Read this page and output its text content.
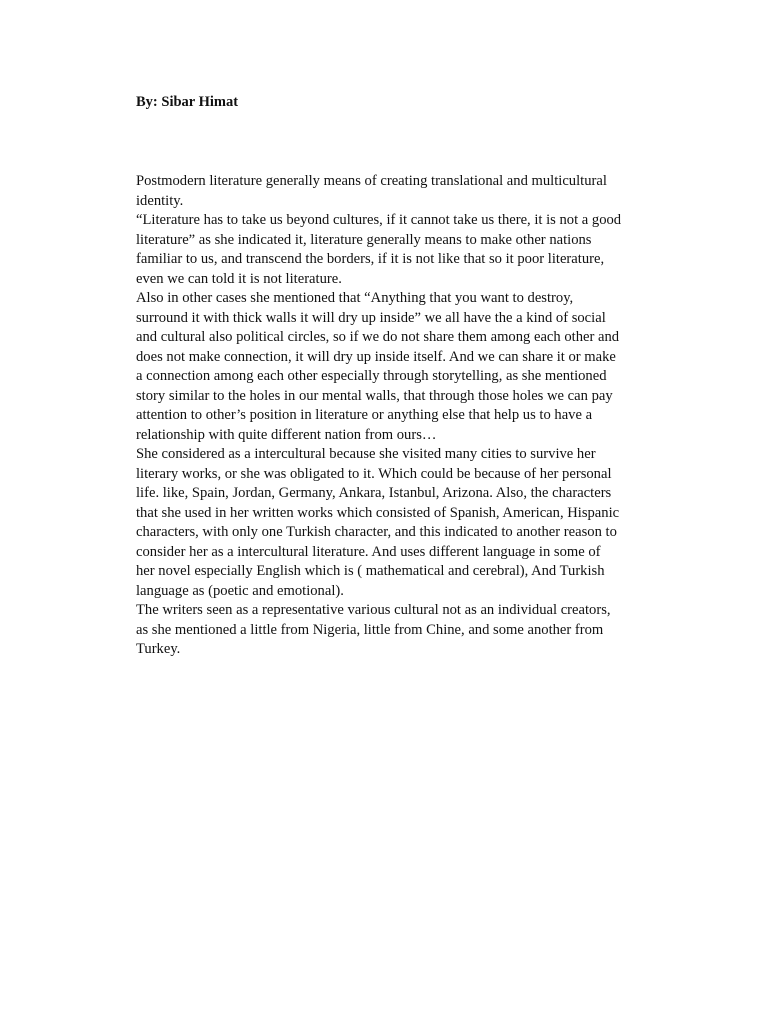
By: Sibar Himat

Postmodern literature generally means of creating translational and multicultural
identity.
“Literature has to take us beyond cultures, if it cannot take us there, it is not a good
literature” as she indicated it, literature generally means to make other nations
familiar to us, and transcend the borders, if it is not like that so it poor literature,
even we can told it is not literature.
Also in other cases she mentioned that “Anything that you want to destroy,
surround it with thick walls it will dry up inside” we all have the a kind of social
and cultural also political circles, so if we do not share them among each other and
does not make connection, it will dry up inside itself. And we can share it or make
a connection among each other especially through storytelling, as she mentioned
story similar to the holes in our mental walls, that through those holes we can pay
attention to other’s position in literature or anything else that help us to have a
relationship with quite different nation from ours…
She considered as a intercultural because she visited many cities to survive her
literary works, or she was obligated to it. Which could be because of her personal
life. like, Spain, Jordan, Germany, Ankara, Istanbul, Arizona. Also, the characters
that she used in her written works which consisted of Spanish, American, Hispanic
characters, with only one Turkish character, and this indicated to another reason to
consider her as a intercultural literature. And uses different language in some of
her novel especially English which is ( mathematical and cerebral), And Turkish
language as (poetic and emotional).
The writers seen as a representative various cultural not as an individual creators,
as she mentioned a little from Nigeria, little from Chine, and some another from
Turkey.
